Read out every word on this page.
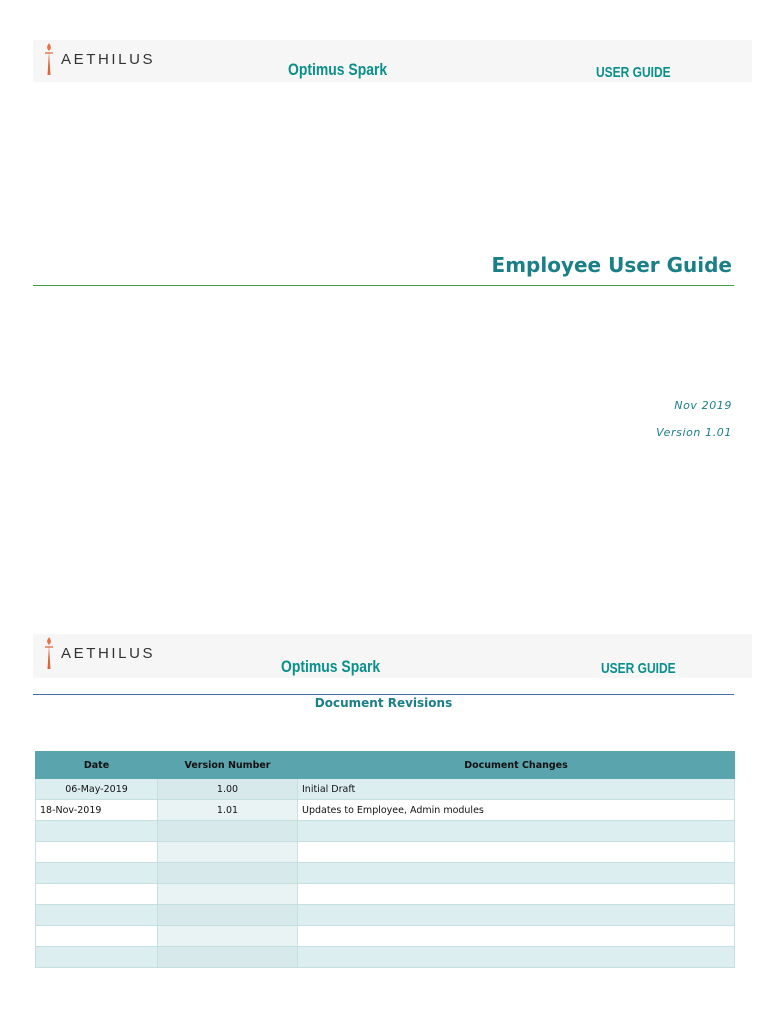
AETHILUS
Optimus Spark	USER GUIDE
Employee User Guide
Nov 2019
Version 1.01
AETHILUS
Optimus Spark	USER GUIDE
Document Revisions
Date	Version Number	Document Changes
06-May-2019	1.00	Initial Draft
18-Nov-2019	1.01	Updates to Employee, Admin modules
